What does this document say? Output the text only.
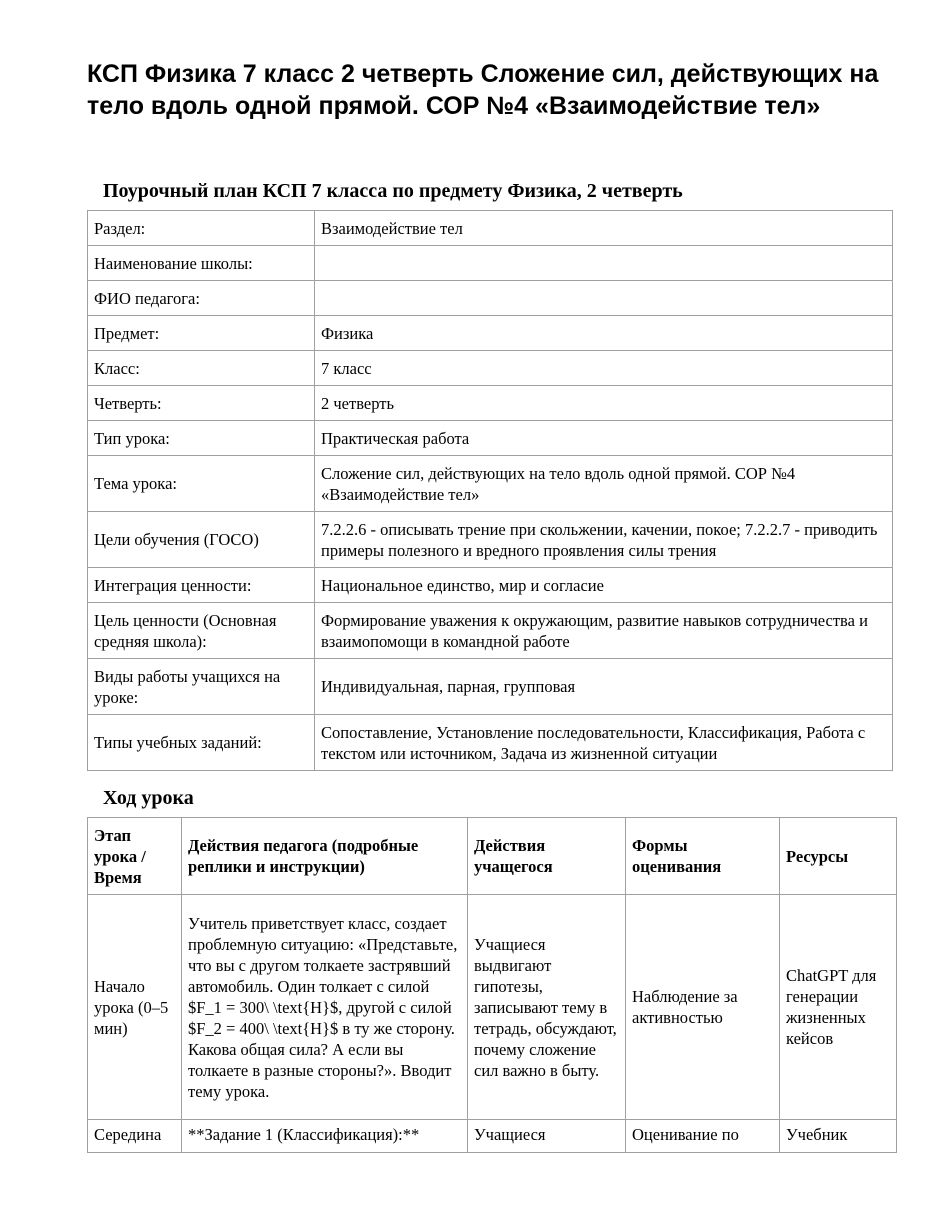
КСП Физика 7 класс 2 четверть Сложение сил, действующих на тело вдоль одной прямой. СОР №4 «Взаимодействие тел»
Поурочный план КСП 7 класса по предмету Физика, 2 четверть
Раздел:	Взаимодействие тел
Наименование школы:	
ФИО педагога:	
Предмет:	Физика
Класс:	7 класс
Четверть:	2 четверть
Тип урока:	Практическая работа
Тема урока:	Сложение сил, действующих на тело вдоль одной прямой. СОР №4 «Взаимодействие тел»
Цели обучения (ГОСО)	7.2.2.6 - описывать трение при скольжении, качении, покое; 7.2.2.7 - приводить примеры полезного и вредного проявления силы трения
Интеграция ценности:	Национальное единство, мир и согласие
Цель ценности (Основная средняя школа):	Формирование уважения к окружающим, развитие навыков сотрудничества и взаимопомощи в командной работе
Виды работы учащихся на уроке:	Индивидуальная, парная, групповая
Типы учебных заданий:	Сопоставление, Установление последовательности, Классификация, Работа с текстом или источником, Задача из жизненной ситуации
Ход урока
Этап урока / Время	Действия педагога (подробные реплики и инструкции)	Действия учащегося	Формы оценивания	Ресурсы
Начало урока (0–5 мин)	Учитель приветствует класс, создает проблемную ситуацию: «Представьте, что вы с другом толкаете застрявший автомобиль. Один толкает с силой $F_1 = 300\ \text{H}$, другой с силой $F_2 = 400\ \text{H}$ в ту же сторону. Какова общая сила? А если вы толкаете в разные стороны?». Вводит тему урока.	Учащиеся выдвигают гипотезы, записывают тему в тетрадь, обсуждают, почему сложение сил важно в быту.	Наблюдение за активностью	ChatGPT для генерации жизненных кейсов
Середина	**Задание 1 (Классификация):**	Учащиеся	Оценивание по	Учебник
